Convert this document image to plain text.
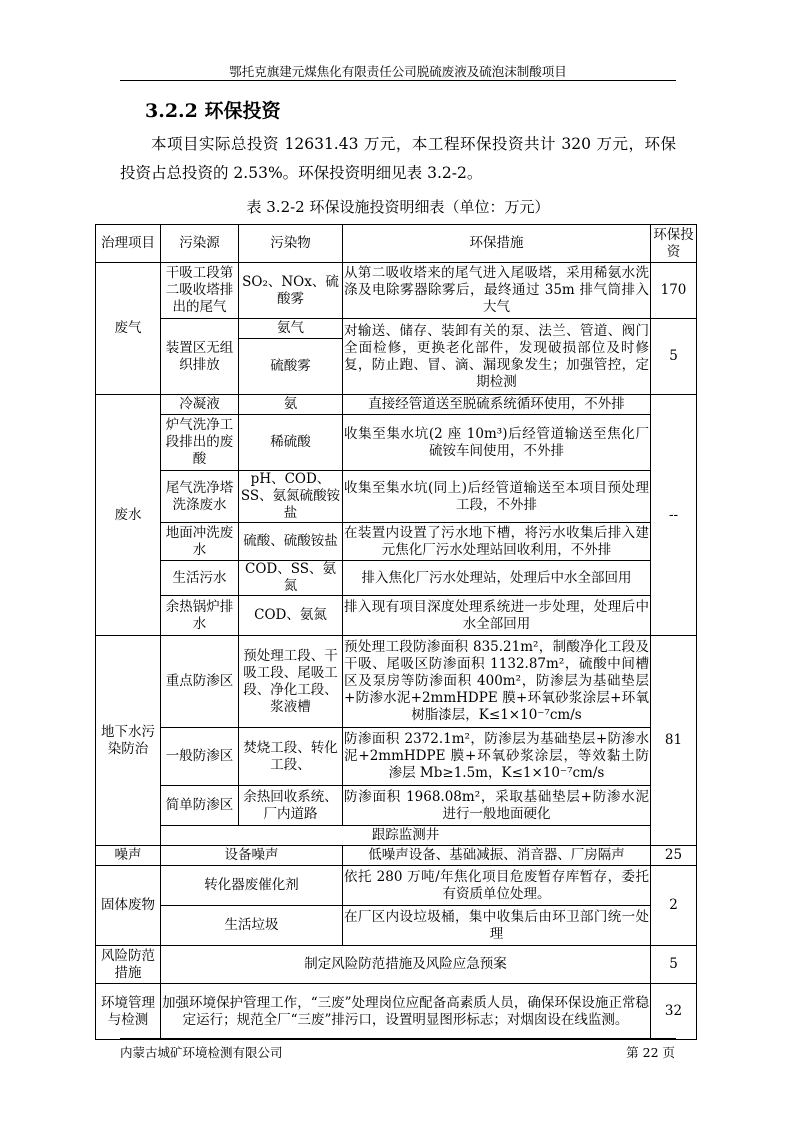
鄂托克旗建元煤焦化有限责任公司脱硫废液及硫泡沫制酸项目
3.2.2 环保投资
本项目实际总投资 12631.43 万元，本工程环保投资共计 320 万元，环保投资占总投资的 2.53%。环保投资明细见表 3.2-2。
表 3.2-2 环保设施投资明细表（单位：万元）
治理项目	污染源	污染物	环保措施	环保投资
废气	干吸工段第二吸收塔排出的尾气	SO₂、NOx、硫酸雾	从第二吸收塔来的尾气进入尾吸塔，采用稀氨水洗涤及电除雾器除雾后，最终通过 35m 排气筒排入大气	170
	装置区无组织排放	氨气	对输送、储存、装卸有关的泵、法兰、管道、阀门全面检修，更换老化部件，发现破损部位及时修复，防止跑、冒、滴、漏现象发生；加强管控，定期检测	5
		硫酸雾		
废水	冷凝液	氨	直接经管道送至脱硫系统循环使用，不外排	--
	炉气洗净工段排出的废酸	稀硫酸	收集至集水坑(2 座 10m³)后经管道输送至焦化厂硫铵车间使用，不外排	
	尾气洗净塔洗涤废水	pH、COD、SS、氨氮硫酸铵盐	收集至集水坑(同上)后经管道输送至本项目预处理工段，不外排	
	地面冲洗废水	硫酸、硫酸铵盐	在装置内设置了污水地下槽，将污水收集后排入建元焦化厂污水处理站回收利用，不外排	
	生活污水	COD、SS、氨氮	排入焦化厂污水处理站，处理后中水全部回用	
	余热锅炉排水	COD、氨氮	排入现有项目深度处理系统进一步处理，处理后中水全部回用	
地下水污染防治	重点防渗区	预处理工段、干吸工段、尾吸工段、净化工段、浆液槽	预处理工段防渗面积 835.21m²，制酸净化工段及干吸、尾吸区防渗面积 1132.87m²，硫酸中间槽区及泵房等防渗面积 400m²，防渗层为基础垫层+防渗水泥+2mmHDPE 膜+环氧砂浆涂层+环氧树脂漆层，K≤1×10⁻⁷cm/s	81
	一般防渗区	焚烧工段、转化工段、	防渗面积 2372.1m²，防渗层为基础垫层+防渗水泥+2mmHDPE 膜+环氧砂浆涂层，等效黏土防渗层 Mb≥1.5m，K≤1×10⁻⁷cm/s	
	简单防渗区	余热回收系统、厂内道路	防渗面积 1968.08m²，采取基础垫层+防渗水泥进行一般地面硬化	
	跟踪监测井			
噪声	设备噪声		低噪声设备、基础减振、消音器、厂房隔声	25
固体废物	转化器废催化剂		依托 280 万吨/年焦化项目危废暂存库暂存，委托有资质单位处理。	2
	生活垃圾		在厂区内设垃圾桶，集中收集后由环卫部门统一处理	
风险防范措施	制定风险防范措施及风险应急预案			5
环境管理与检测	加强环境保护管理工作，“三废”处理岗位应配备高素质人员，确保环保设施正常稳定运行；规范全厂“三废”排污口，设置明显图形标志；对烟囱设在线监测。			32
内蒙古城矿环境检测有限公司	第 22 页
